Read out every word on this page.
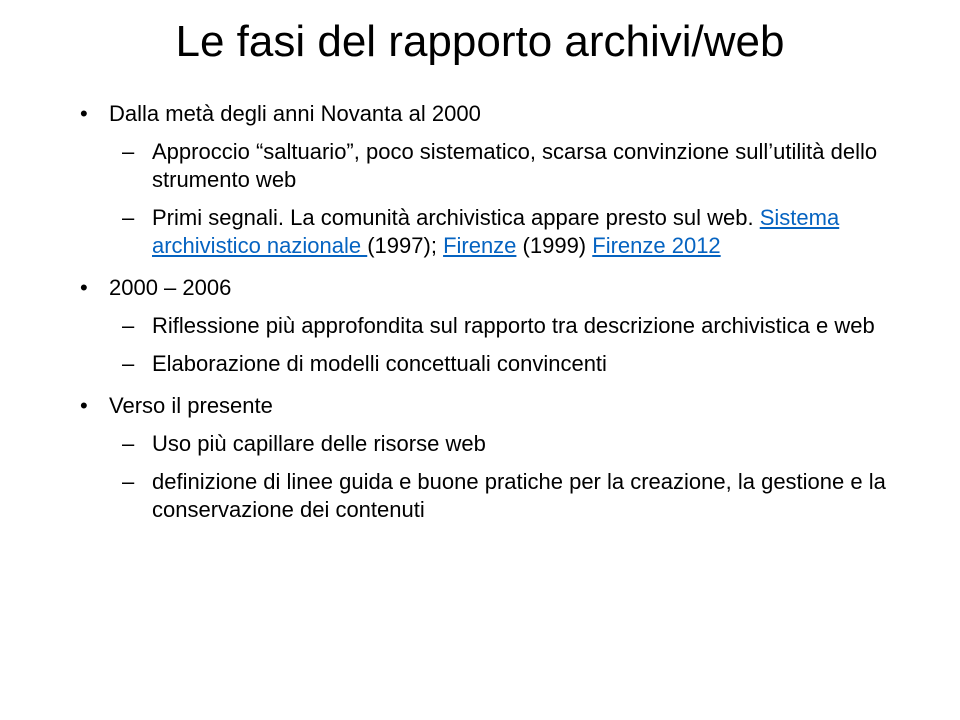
Le fasi del rapporto archivi/web
• Dalla metà degli anni Novanta al 2000
– Approccio “saltuario”, poco sistematico, scarsa convinzione sull’utilità dello strumento web
– Primi segnali. La comunità archivistica appare presto sul web. Sistema archivistico nazionale (1997); Firenze (1999) Firenze 2012
• 2000 – 2006
– Riflessione più approfondita sul rapporto tra descrizione archivistica e web
– Elaborazione di modelli concettuali convincenti
• Verso il presente
– Uso più capillare delle risorse web
– definizione di linee guida e buone pratiche per la creazione, la gestione e la conservazione dei contenuti
